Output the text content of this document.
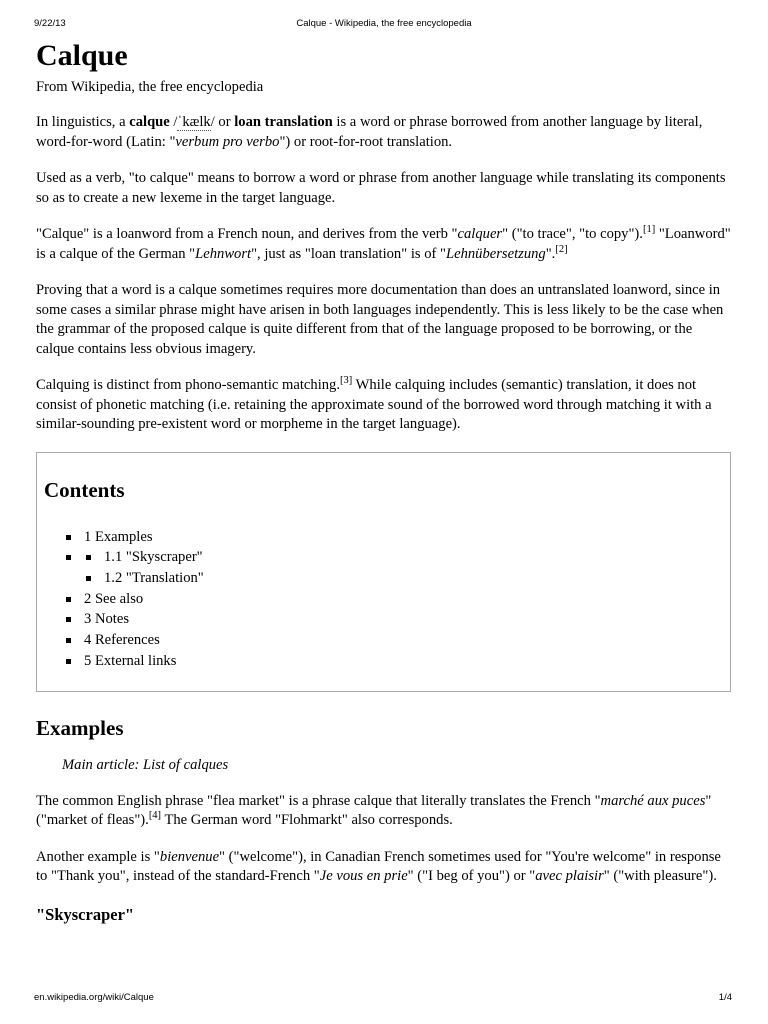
9/22/13	Calque - Wikipedia, the free encyclopedia
Calque
From Wikipedia, the free encyclopedia

In linguistics, a calque /ˈkælk/ or loan translation is a word or phrase borrowed from another language by literal, word-for-word (Latin: "verbum pro verbo") or root-for-root translation.

Used as a verb, "to calque" means to borrow a word or phrase from another language while translating its components so as to create a new lexeme in the target language.

"Calque" is a loanword from a French noun, and derives from the verb "calquer" ("to trace", "to copy").[1] "Loanword" is a calque of the German "Lehnwort", just as "loan translation" is of "Lehnübersetzung".[2]

Proving that a word is a calque sometimes requires more documentation than does an untranslated loanword, since in some cases a similar phrase might have arisen in both languages independently. This is less likely to be the case when the grammar of the proposed calque is quite different from that of the language proposed to be borrowing, or the calque contains less obvious imagery.

Calquing is distinct from phono-semantic matching.[3] While calquing includes (semantic) translation, it does not consist of phonetic matching (i.e. retaining the approximate sound of the borrowed word through matching it with a similar-sounding pre-existent word or morpheme in the target language).

Contents
1 Examples
1.1 "Skyscraper"
1.2 "Translation"
2 See also
3 Notes
4 References
5 External links
Examples
Main article: List of calques

The common English phrase "flea market" is a phrase calque that literally translates the French "marché aux puces" ("market of fleas").[4] The German word "Flohmarkt" also corresponds.

Another example is "bienvenue" ("welcome"), in Canadian French sometimes used for "You're welcome" in response to "Thank you", instead of the standard-French "Je vous en prie" ("I beg of you") or "avec plaisir" ("with pleasure").

"Skyscraper"
en.wikipedia.org/wiki/Calque	1/4
